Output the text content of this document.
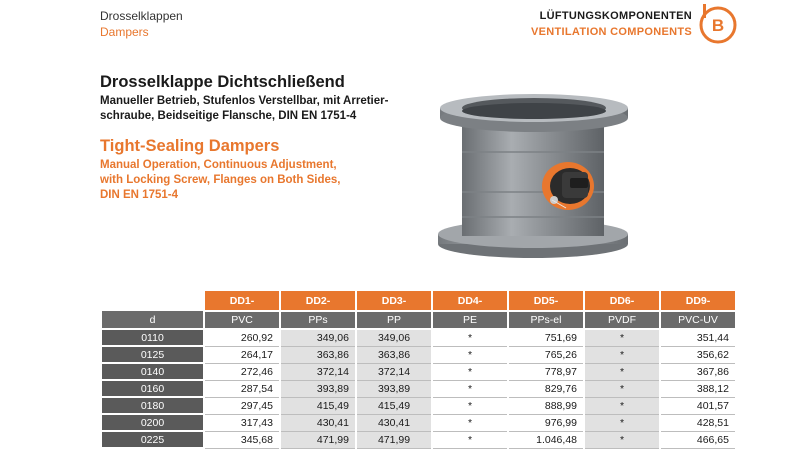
Drosselklappen
Dampers
LÜFTUNGSKOMPONENTEN
VENTILATION COMPONENTS B
Drosselklappe Dichtschließend
Manueller Betrieb, Stufenlos Verstellbar, mit Arretier-
schraube, Beidseitige Flansche, DIN EN 1751-4
Tight-Sealing Dampers
Manual Operation, Continuous Adjustment,
with Locking Screw, Flanges on Both Sides,
DIN EN 1751-4
	DD1-	DD2-	DD3-	DD4-	DD5-	DD6-	DD9-
d	PVC	PPs	PP	PE	PPs-el	PVDF	PVC-UV
0110	260,92	349,06	349,06	*	751,69	*	351,44
0125	264,17	363,86	363,86	*	765,26	*	356,62
0140	272,46	372,14	372,14	*	778,97	*	367,86
0160	287,54	393,89	393,89	*	829,76	*	388,12
0180	297,45	415,49	415,49	*	888,99	*	401,57
0200	317,43	430,41	430,41	*	976,99	*	428,51
0225	345,68	471,99	471,99	*	1.046,48	*	466,65
